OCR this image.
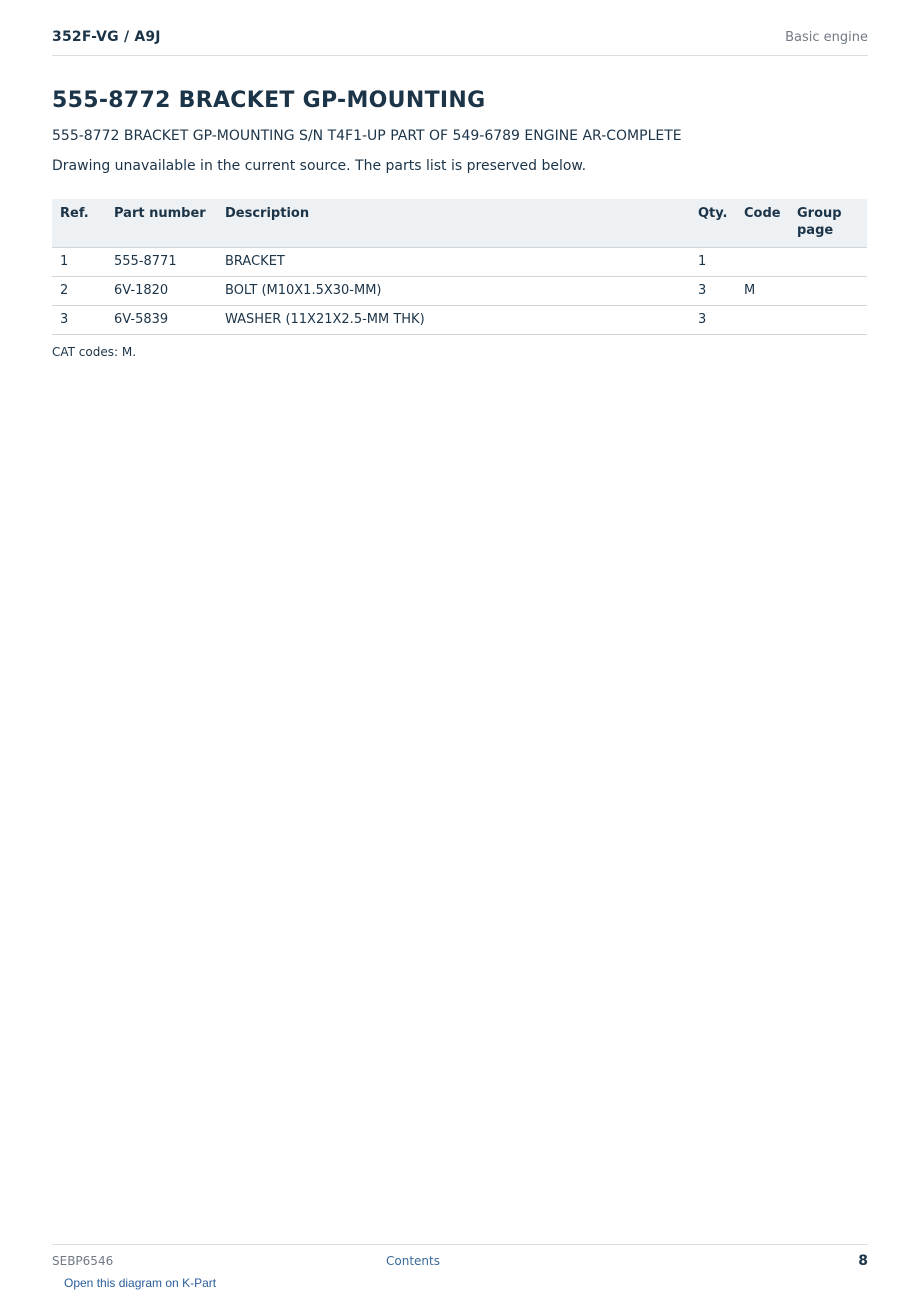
352F-VG / A9J	Basic engine
555-8772 BRACKET GP-MOUNTING
555-8772 BRACKET GP-MOUNTING S/N T4F1-UP PART OF 549-6789 ENGINE AR-COMPLETE
Drawing unavailable in the current source. The parts list is preserved below.
Ref.	Part number	Description	Qty.	Code	Group page
1	555-8771	BRACKET	1		
2	6V-1820	BOLT (M10X1.5X30-MM)	3	M	
3	6V-5839	WASHER (11X21X2.5-MM THK)	3		
CAT codes: M.
SEBP6546	Contents	8
Open this diagram on K-Part
